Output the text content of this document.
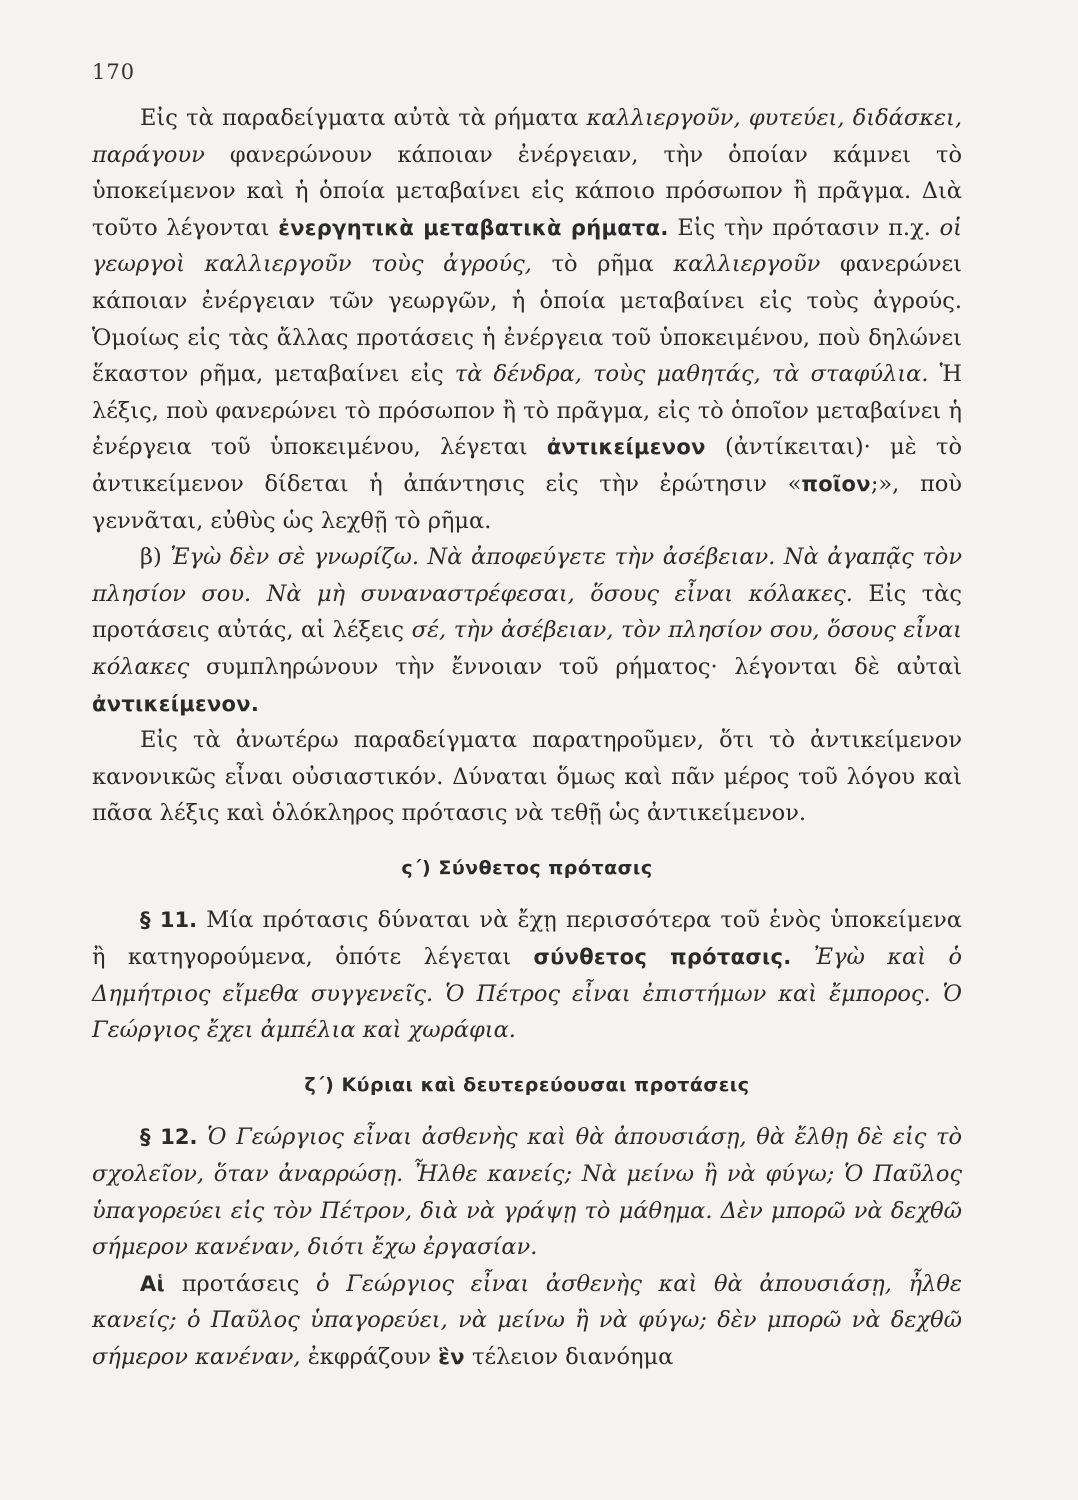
170

Εἰς τὰ παραδείγματα αὐτὰ τὰ ρήματα καλλιεργοῦν, φυτεύει, διδάσκει, παράγουν φανερώνουν κάποιαν ἐνέργειαν, τὴν ὁποίαν κάμνει τὸ ὑποκείμενον καὶ ἡ ὁποία μεταβαίνει εἰς κάποιο πρόσωπον ἢ πρᾶγμα. Διὰ τοῦτο λέγονται ἐνεργητικὰ μεταβατικὰ ρήματα. Εἰς τὴν πρότασιν π.χ. οἱ γεωργοὶ καλλιεργοῦν τοὺς ἀγρούς, τὸ ρῆμα καλλιεργοῦν φανερώνει κάποιαν ἐνέργειαν τῶν γεωργῶν, ἡ ὁποία μεταβαίνει εἰς τοὺς ἀγρούς. Ὁμοίως εἰς τὰς ἄλλας προτάσεις ἡ ἐνέργεια τοῦ ὑποκειμένου, ποὺ δηλώνει ἕκαστον ρῆμα, μεταβαίνει εἰς τὰ δένδρα, τοὺς μαθητάς, τὰ σταφύλια. Ἡ λέξις, ποὺ φανερώνει τὸ πρόσωπον ἢ τὸ πρᾶγμα, εἰς τὸ ὁποῖον μεταβαίνει ἡ ἐνέργεια τοῦ ὑποκειμένου, λέγεται ἀντικείμενον (ἀντίκειται)· μὲ τὸ ἀντικείμενον δίδεται ἡ ἀπάντησις εἰς τὴν ἐρώτησιν «ποῖον;», ποὺ γεννᾶται, εὐθὺς ὡς λεχθῇ τὸ ρῆμα.

β) Ἐγὼ δὲν σὲ γνωρίζω. Νὰ ἀποφεύγετε τὴν ἀσέβειαν. Νὰ ἀγαπᾷς τὸν πλησίον σου. Νὰ μὴ συναναστρέφεσαι, ὅσους εἶναι κόλακες. Εἰς τὰς προτάσεις αὐτάς, αἱ λέξεις σέ, τὴν ἀσέβειαν, τὸν πλησίον σου, ὅσους εἶναι κόλακες συμπληρώνουν τὴν ἔννοιαν τοῦ ρήματος· λέγονται δὲ αὐταὶ ἀντικείμενον.

Εἰς τὰ ἀνωτέρω παραδείγματα παρατηροῦμεν, ὅτι τὸ ἀντικείμενον κανονικῶς εἶναι οὐσιαστικόν. Δύναται ὅμως καὶ πᾶν μέρος τοῦ λόγου καὶ πᾶσα λέξις καὶ ὁλόκληρος πρότασις νὰ τεθῇ ὡς ἀντικείμενον.

ς΄) Σύνθετος πρότασις

§ 11. Μία πρότασις δύναται νὰ ἔχῃ περισσότερα τοῦ ἑνὸς ὑποκείμενα ἢ κατηγορούμενα, ὁπότε λέγεται σύνθετος πρότασις. Ἐγὼ καὶ ὁ Δημήτριος εἴμεθα συγγενεῖς. Ὁ Πέτρος εἶναι ἐπιστήμων καὶ ἔμπορος. Ὁ Γεώργιος ἔχει ἀμπέλια καὶ χωράφια.

ζ΄) Κύριαι καὶ δευτερεύουσαι προτάσεις

§ 12. Ὁ Γεώργιος εἶναι ἀσθενὴς καὶ θὰ ἀπουσιάσῃ, θὰ ἔλθῃ δὲ εἰς τὸ σχολεῖον, ὅταν ἀναρρώσῃ. Ἦλθε κανείς; Νὰ μείνω ἢ νὰ φύγω; Ὁ Παῦλος ὑπαγορεύει εἰς τὸν Πέτρον, διὰ νὰ γράψῃ τὸ μάθημα. Δὲν μπορῶ νὰ δεχθῶ σήμερον κανέναν, διότι ἔχω ἐργασίαν.

Αἱ προτάσεις ὁ Γεώργιος εἶναι ἀσθενὴς καὶ θὰ ἀπουσιάσῃ, ἦλθε κανείς; ὁ Παῦλος ὑπαγορεύει, νὰ μείνω ἢ νὰ φύγω; δὲν μπορῶ νὰ δεχθῶ σήμερον κανέναν, ἐκφράζουν ἓν τέλειον διανόημα
